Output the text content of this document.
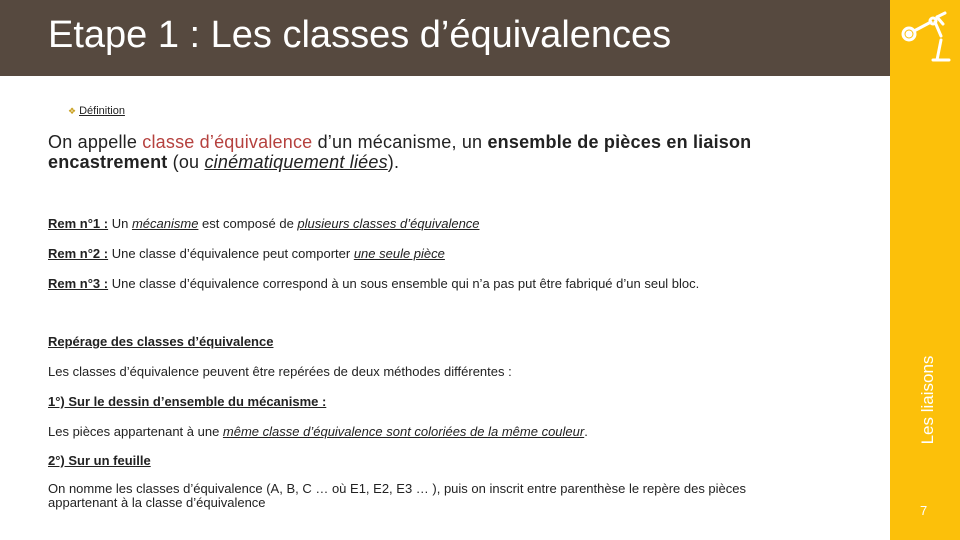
Etape 1 : Les classes d’équivalences
Les liaisons
7
❖ Définition
On appelle classe d’équivalence d’un mécanisme, un ensemble de pièces en liaison
encastrement (ou cinématiquement liées).
Rem n°1 : Un mécanisme est composé de plusieurs classes d’équivalence
Rem n°2 : Une classe d’équivalence peut comporter une seule pièce
Rem n°3 : Une classe d’équivalence correspond à un sous ensemble qui n’a pas put être fabriqué d’un seul bloc.
Repérage des classes d’équivalence
Les classes d’équivalence peuvent être repérées de deux méthodes différentes :
1°) Sur le dessin d’ensemble du mécanisme :
Les pièces appartenant à une même classe d’équivalence sont coloriées de la même couleur.
2°) Sur un feuille
On nomme les classes d’équivalence (A, B, C … où E1, E2, E3 … ), puis on inscrit entre parenthèse le repère des pièces
appartenant à la classe d’équivalence
